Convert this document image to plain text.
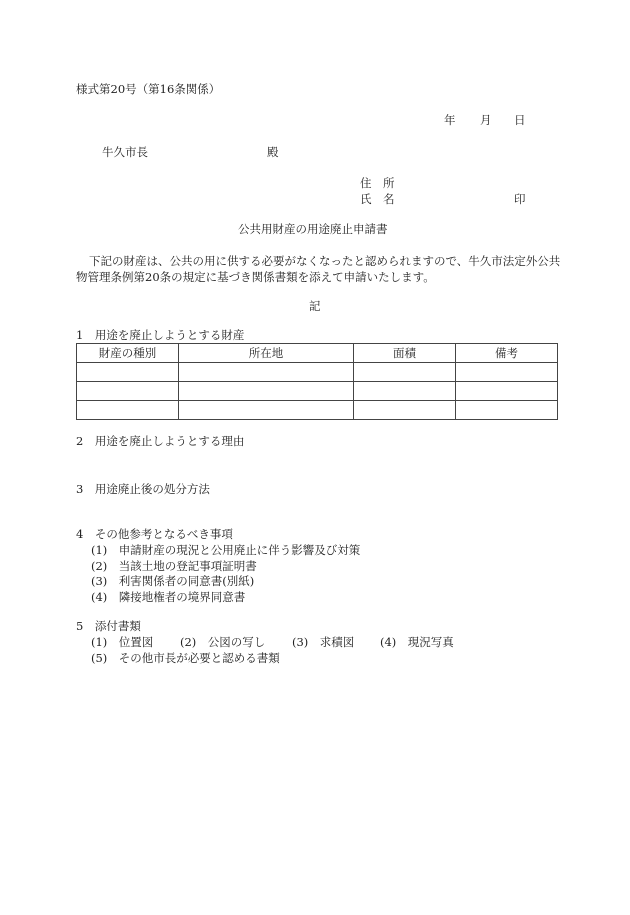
様式第20号（第16条関係）
年 月 日
牛久市長	殿
住　所
氏　名	印
公共用財産の用途廃止申請書
下記の財産は、公共の用に供する必要がなくなったと認められますので、牛久市法定外公共物管理条例第20条の規定に基づき関係書類を添えて申請いたします。
記
1　用途を廃止しようとする財産
財産の種別	所在地	面積	備考

2　用途を廃止しようとする理由
3　用途廃止後の処分方法
4　その他参考となるべき事項
(1)　申請財産の現況と公用廃止に伴う影響及び対策
(2)　当該土地の登記事項証明書
(3)　利害関係者の同意書(別紙)
(4)　隣接地権者の境界同意書
5　添付書類
(1)　位置図 (2)　公図の写し (3)　求積図 (4)　現況写真
(5)　その他市長が必要と認める書類
